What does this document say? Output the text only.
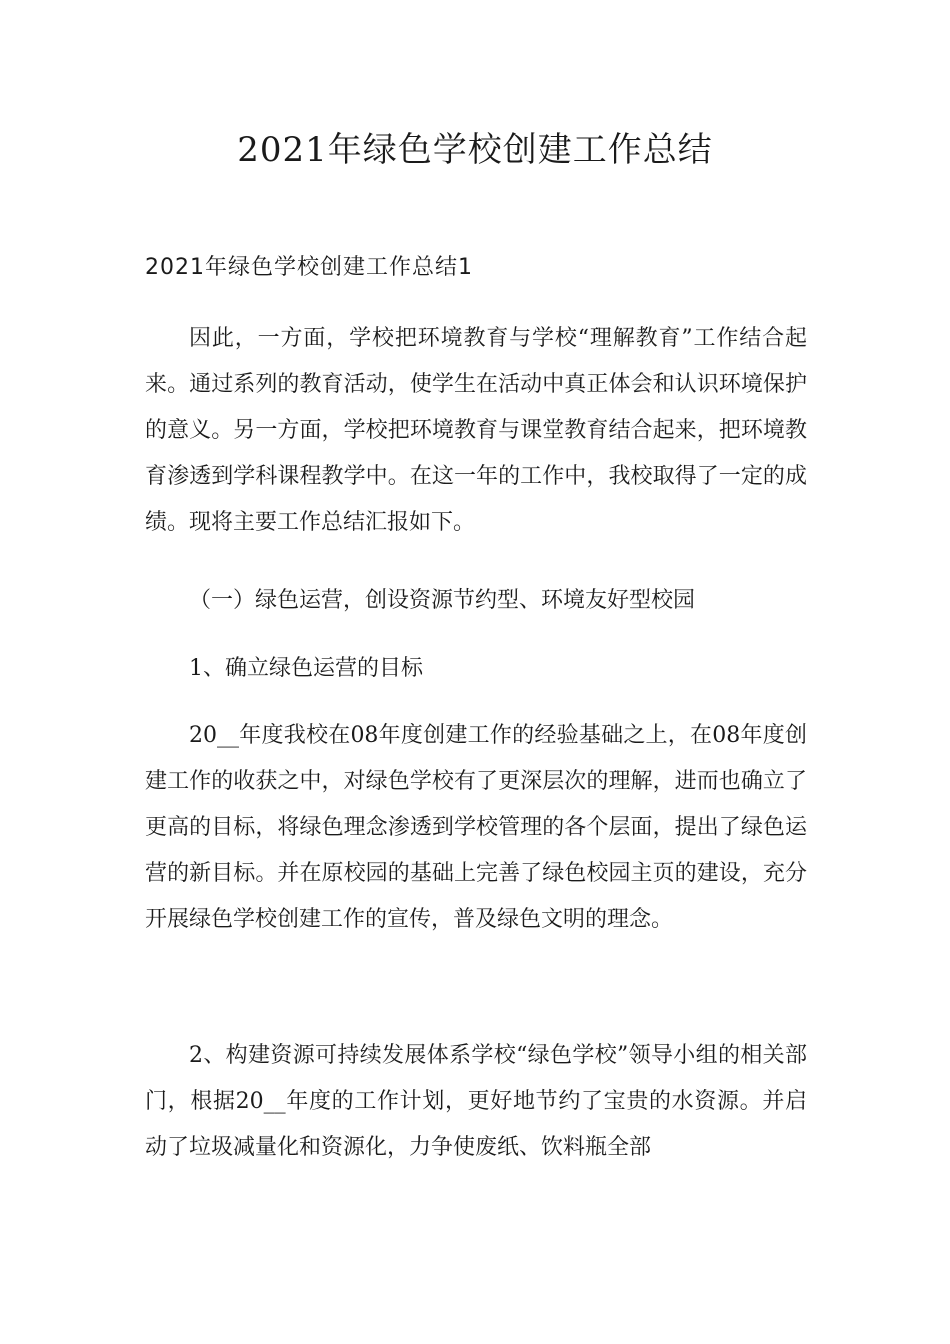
2021年绿色学校创建工作总结
2021年绿色学校创建工作总结1

因此，一方面，学校把环境教育与学校“理解教育”工作结合起来。通过系列的教育活动，使学生在活动中真正体会和认识环境保护的意义。另一方面，学校把环境教育与课堂教育结合起来，把环境教育渗透到学科课程教学中。在这一年的工作中，我校取得了一定的成绩。现将主要工作总结汇报如下。

（一）绿色运营，创设资源节约型、环境友好型校园

1、确立绿色运营的目标

20__年度我校在08年度创建工作的经验基础之上，在08年度创建工作的收获之中，对绿色学校有了更深层次的理解，进而也确立了更高的目标，将绿色理念渗透到学校管理的各个层面，提出了绿色运营的新目标。并在原校园的基础上完善了绿色校园主页的建设，充分开展绿色学校创建工作的宣传，普及绿色文明的理念。

2、构建资源可持续发展体系学校“绿色学校”领导小组的相关部门，根据20__年度的工作计划，更好地节约了宝贵的水资源。并启动了垃圾减量化和资源化，力争使废纸、饮料瓶全部
